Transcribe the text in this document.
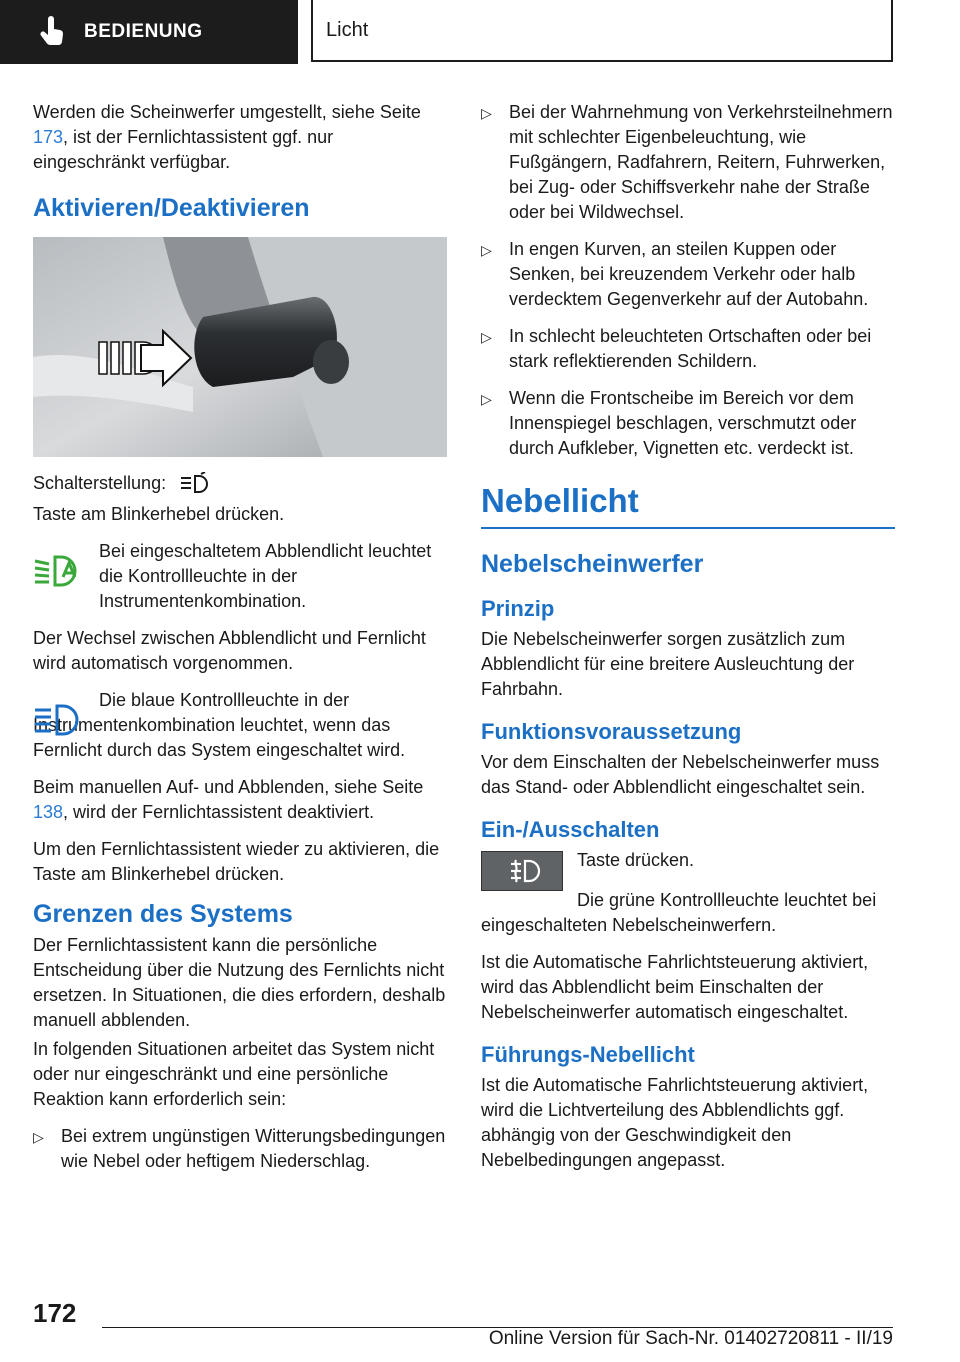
BEDIENUNG	Licht

Werden die Scheinwerfer umgestellt, siehe Seite 173, ist der Fernlichtassistent ggf. nur eingeschränkt verfügbar.

Aktivieren/Deaktivieren

Schalterstellung:

Taste am Blinkerhebel drücken.

Bei eingeschaltetem Abblendlicht leuchtet die Kontrollleuchte in der Instrumentenkombination.

Der Wechsel zwischen Abblendlicht und Fernlicht wird automatisch vorgenommen.

Die blaue Kontrollleuchte in der Instrumentenkombination leuchtet, wenn das Fernlicht durch das System eingeschaltet wird.

Beim manuellen Auf- und Abblenden, siehe Seite 138, wird der Fernlichtassistent deaktiviert.

Um den Fernlichtassistent wieder zu aktivieren, die Taste am Blinkerhebel drücken.

Grenzen des Systems

Der Fernlichtassistent kann die persönliche Entscheidung über die Nutzung des Fernlichts nicht ersetzen. In Situationen, die dies erfordern, deshalb manuell abblenden.

In folgenden Situationen arbeitet das System nicht oder nur eingeschränkt und eine persönliche Reaktion kann erforderlich sein:

▷ Bei extrem ungünstigen Witterungsbedingungen wie Nebel oder heftigem Niederschlag.
▷ Bei der Wahrnehmung von Verkehrsteilnehmern mit schlechter Eigenbeleuchtung, wie Fußgängern, Radfahrern, Reitern, Fuhrwerken, bei Zug- oder Schiffsverkehr nahe der Straße oder bei Wildwechsel.
▷ In engen Kurven, an steilen Kuppen oder Senken, bei kreuzendem Verkehr oder halb verdecktem Gegenverkehr auf der Autobahn.
▷ In schlecht beleuchteten Ortschaften oder bei stark reflektierenden Schildern.
▷ Wenn die Frontscheibe im Bereich vor dem Innenspiegel beschlagen, verschmutzt oder durch Aufkleber, Vignetten etc. verdeckt ist.
Nebellicht
Nebelscheinwerfer
Prinzip

Die Nebelscheinwerfer sorgen zusätzlich zum Abblendlicht für eine breitere Ausleuchtung der Fahrbahn.

Funktionsvoraussetzung

Vor dem Einschalten der Nebelscheinwerfer muss das Stand- oder Abblendlicht eingeschaltet sein.

Ein-/Ausschalten

Taste drücken.

Die grüne Kontrollleuchte leuchtet bei eingeschalteten Nebelscheinwerfern.

Ist die Automatische Fahrlichtsteuerung aktiviert, wird das Abblendlicht beim Einschalten der Nebelscheinwerfer automatisch eingeschaltet.

Führungs-Nebellicht

Ist die Automatische Fahrlichtsteuerung aktiviert, wird die Lichtverteilung des Abblendlichts ggf. abhängig von der Geschwindigkeit den Nebelbedingungen angepasst.

172
Online Version für Sach-Nr. 01402720811 - II/19
